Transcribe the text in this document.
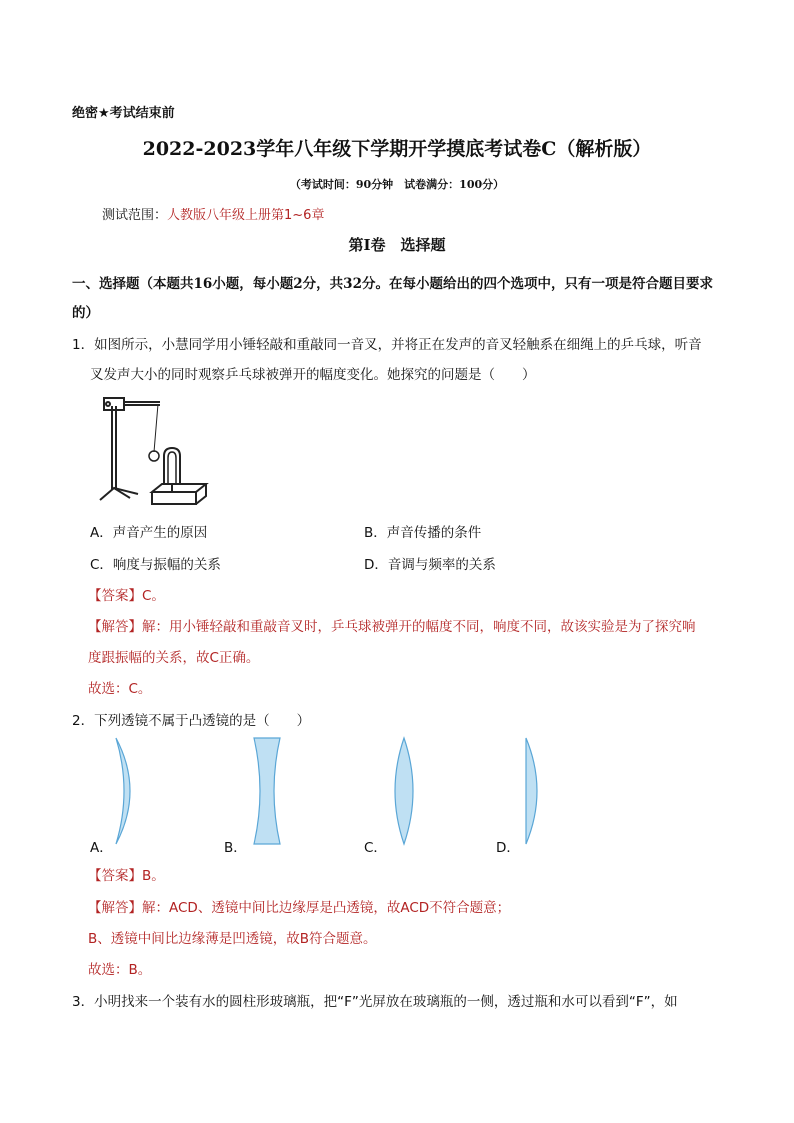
绝密★考试结束前
2022-2023学年八年级下学期开学摸底考试卷C（解析版）
（考试时间：90分钟　试卷满分：100分）
测试范围：人教版八年级上册第1~6章
第Ⅰ卷　选择题
一、选择题（本题共16小题，每小题2分，共32分。在每小题给出的四个选项中，只有一项是符合题目要求的）
1．如图所示，小慧同学用小锤轻敲和重敲同一音叉，并将正在发声的音叉轻触系在细绳上的乒乓球，听音
叉发声大小的同时观察乒乓球被弹开的幅度变化。她探究的问题是（　　）
A．声音产生的原因	B．声音传播的条件
C．响度与振幅的关系	D．音调与频率的关系
【答案】C。
【解答】解：用小锤轻敲和重敲音叉时，乒乓球被弹开的幅度不同，响度不同，故该实验是为了探究响
度跟振幅的关系，故C正确。
故选：C。
2．下列透镜不属于凸透镜的是（　　）
A．	B．	C．	D．
【答案】B。
【解答】解：ACD、透镜中间比边缘厚是凸透镜，故ACD不符合题意；
B、透镜中间比边缘薄是凹透镜，故B符合题意。
故选：B。
3．小明找来一个装有水的圆柱形玻璃瓶，把“F”光屏放在玻璃瓶的一侧，透过瓶和水可以看到“F”，如
